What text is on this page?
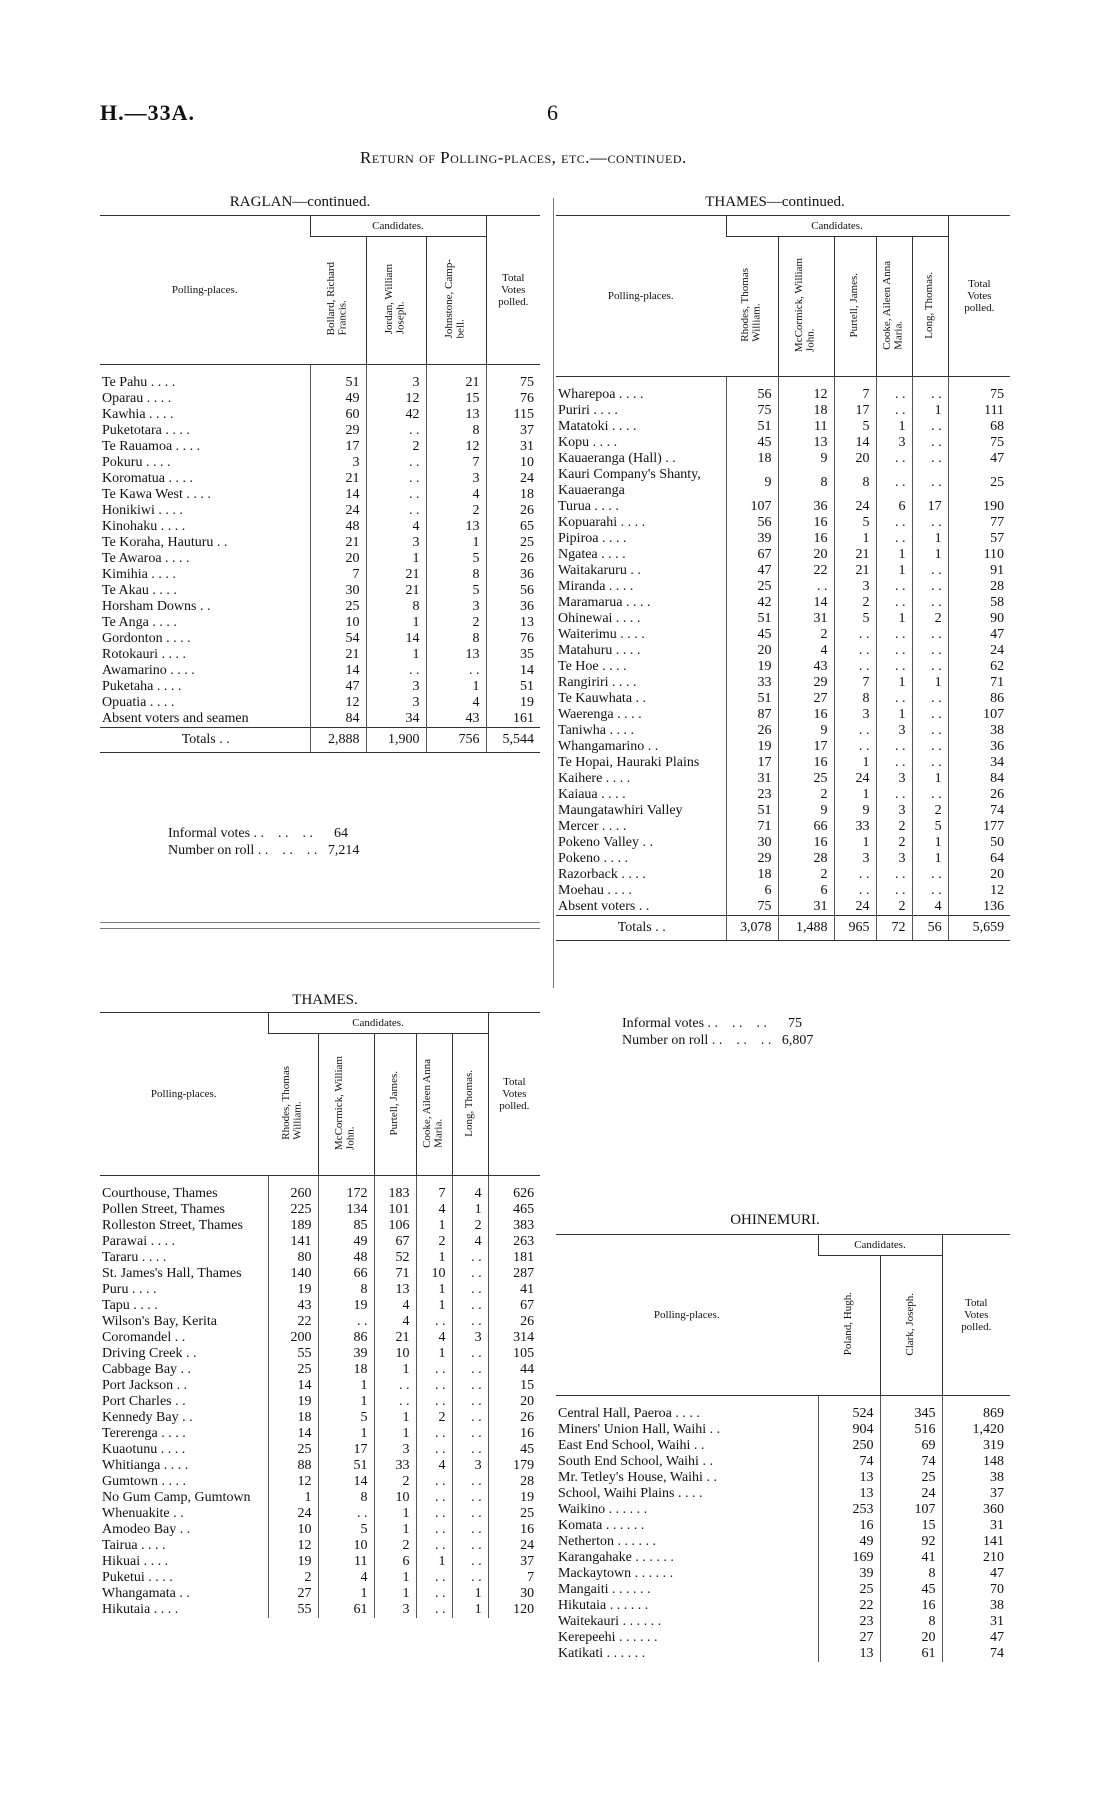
H.—33A.	6
Return of Polling-places, etc.—continued.
RAGLAN—continued.
Polling-places.	Candidates.			Total
Votes
polled.
	Bollard, Richard
Francis.	Jordan, William
Joseph.	Johnstone, Camp-
bell.	
Te Pahu . . . .	51	3	21	75
Oparau . . . .	49	12	15	76
Kawhia . . . .	60	42	13	115
Puketotara . . . .	29	. .	8	37
Te Rauamoa . . . .	17	2	12	31
Pokuru . . . .	3	. .	7	10
Koromatua . . . .	21	. .	3	24
Te Kawa West . . . .	14	. .	4	18
Honikiwi . . . .	24	. .	2	26
Kinohaku . . . .	48	4	13	65
Te Koraha, Hauturu . .	21	3	1	25
Te Awaroa . . . .	20	1	5	26
Kimihia . . . .	7	21	8	36
Te Akau . . . .	30	21	5	56
Horsham Downs . .	25	8	3	36
Te Anga . . . .	10	1	2	13
Gordonton . . . .	54	14	8	76
Rotokauri . . . .	21	1	13	35
Awamarino . . . .	14	. .	. .	14
Puketaha . . . .	47	3	1	51
Opuatia . . . .	12	3	4	19
Absent voters and seamen	84	34	43	161
Totals . .	2,888	1,900	756	5,544
Informal votes . .    . .    . .      64
Number on roll . .    . .    . .   7,214
THAMES.
Polling-places.	Candidates.					Total
Votes
polled.
	Rhodes, Thomas
William.	McCormick, William
John.	Purtell, James.	Cooke, Aileen Anna
Maria.	Long, Thomas.	
Courthouse, Thames	260	172	183	7	4	626
Pollen Street, Thames	225	134	101	4	1	465
Rolleston Street, Thames	189	85	106	1	2	383
Parawai . . . .	141	49	67	2	4	263
Tararu . . . .	80	48	52	1	. .	181
St. James's Hall, Thames	140	66	71	10	. .	287
Puru . . . .	19	8	13	1	. .	41
Tapu . . . .	43	19	4	1	. .	67
Wilson's Bay, Kerita	22	. .	4	. .	. .	26
Coromandel . .	200	86	21	4	3	314
Driving Creek . .	55	39	10	1	. .	105
Cabbage Bay . .	25	18	1	. .	. .	44
Port Jackson . .	14	1	. .	. .	. .	15
Port Charles . .	19	1	. .	. .	. .	20
Kennedy Bay . .	18	5	1	2	. .	26
Tererenga . . . .	14	1	1	. .	. .	16
Kuaotunu . . . .	25	17	3	. .	. .	45
Whitianga . . . .	88	51	33	4	3	179
Gumtown . . . .	12	14	2	. .	. .	28
No Gum Camp, Gumtown	1	8	10	. .	. .	19
Whenuakite . .	24	. .	1	. .	. .	25
Amodeo Bay . .	10	5	1	. .	. .	16
Tairua . . . .	12	10	2	. .	. .	24
Hikuai . . . .	19	11	6	1	. .	37
Puketui . . . .	2	4	1	. .	. .	7
Whangamata . .	27	1	1	. .	1	30
Hikutaia . . . .	55	61	3	. .	1	120
THAMES—continued.
Polling-places.	Candidates.					Total
Votes
polled.
	Rhodes, Thomas
William.	McCormick, William
John.	Purtell, James.	Cooke, Aileen Anna
Maria.	Long, Thomas.	
Wharepoa . . . .	56	12	7	. .	. .	75
Puriri . . . .	75	18	17	. .	1	111
Matatoki . . . .	51	11	5	1	. .	68
Kopu . . . .	45	13	14	3	. .	75
Kauaeranga (Hall) . .	18	9	20	. .	. .	47
Kauri Company's Shanty, Kauaeranga	9	8	8	. .	. .	25
Turua . . . .	107	36	24	6	17	190
Kopuarahi . . . .	56	16	5	. .	. .	77
Pipiroa . . . .	39	16	1	. .	1	57
Ngatea . . . .	67	20	21	1	1	110
Waitakaruru . .	47	22	21	1	. .	91
Miranda . . . .	25	. .	3	. .	. .	28
Maramarua . . . .	42	14	2	. .	. .	58
Ohinewai . . . .	51	31	5	1	2	90
Waiterimu . . . .	45	2	. .	. .	. .	47
Matahuru . . . .	20	4	. .	. .	. .	24
Te Hoe . . . .	19	43	. .	. .	. .	62
Rangiriri . . . .	33	29	7	1	1	71
Te Kauwhata . .	51	27	8	. .	. .	86
Waerenga . . . .	87	16	3	1	. .	107
Taniwha . . . .	26	9	. .	3	. .	38
Whangamarino . .	19	17	. .	. .	. .	36
Te Hopai, Hauraki Plains	17	16	1	. .	. .	34
Kaihere . . . .	31	25	24	3	1	84
Kaiaua . . . .	23	2	1	. .	. .	26
Maungatawhiri Valley	51	9	9	3	2	74
Mercer . . . .	71	66	33	2	5	177
Pokeno Valley . .	30	16	1	2	1	50
Pokeno . . . .	29	28	3	3	1	64
Razorback . . . .	18	2	. .	. .	. .	20
Moehau . . . .	6	6	. .	. .	. .	12
Absent voters . .	75	31	24	2	4	136
Totals . .	3,078	1,488	965	72	56	5,659
Informal votes . .    . .    . .      75
Number on roll . .    . .    . .   6,807
OHINEMURI.
Polling-places.	Candidates.		Total
Votes
polled.
	Poland, Hugh.	Clark, Joseph.	
Central Hall, Paeroa . . . .	524	345	869
Miners' Union Hall, Waihi . .	904	516	1,420
East End School, Waihi . .	250	69	319
South End School, Waihi . .	74	74	148
Mr. Tetley's House, Waihi . .	13	25	38
School, Waihi Plains . . . .	13	24	37
Waikino . . . . . .	253	107	360
Komata . . . . . .	16	15	31
Netherton . . . . . .	49	92	141
Karangahake . . . . . .	169	41	210
Mackaytown . . . . . .	39	8	47
Mangaiti . . . . . .	25	45	70
Hikutaia . . . . . .	22	16	38
Waitekauri . . . . . .	23	8	31
Kerepeehi . . . . . .	27	20	47
Katikati . . . . . .	13	61	74
